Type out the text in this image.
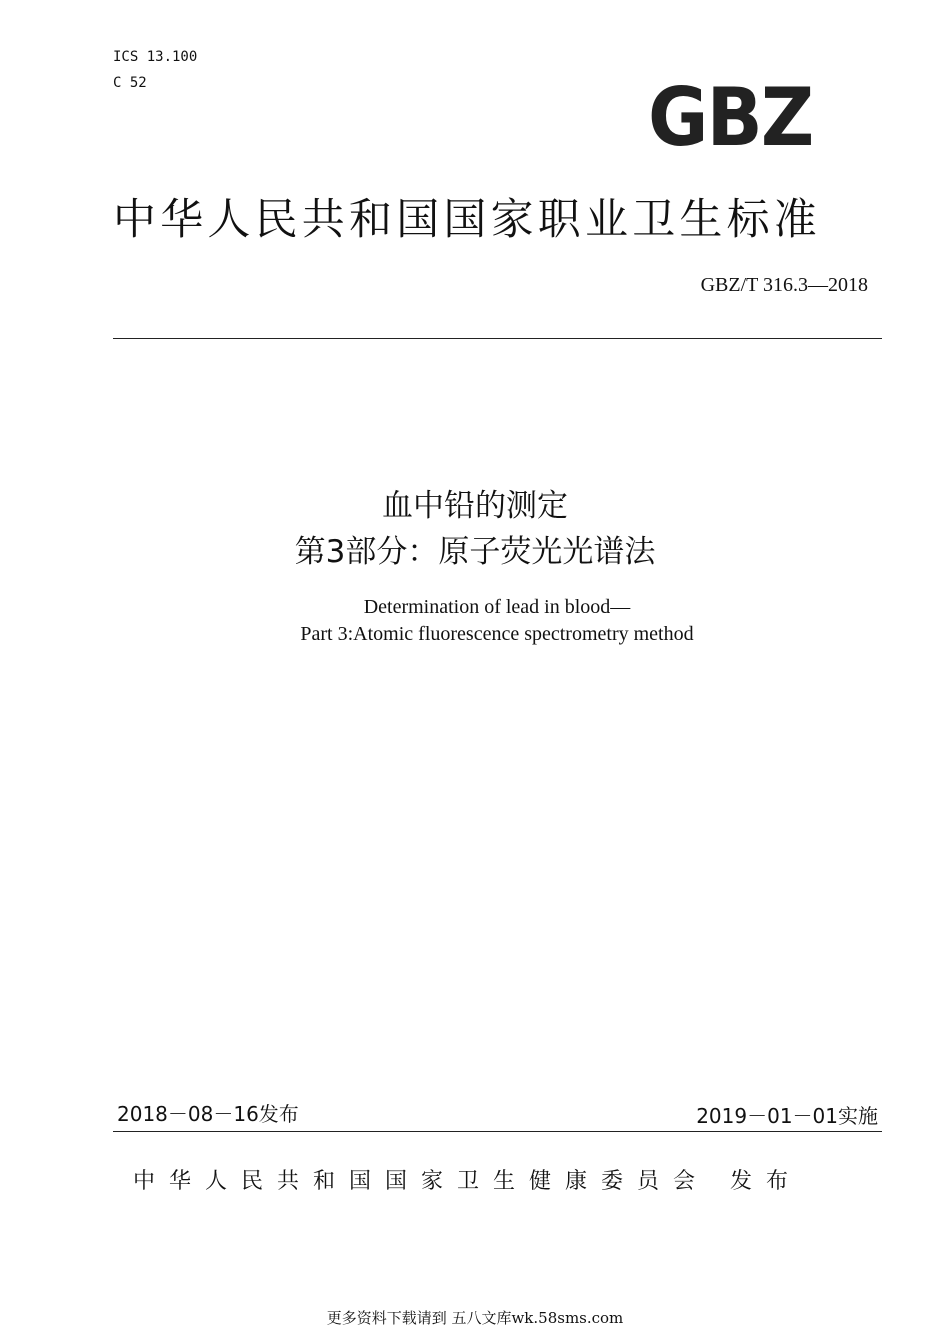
ICS 13.100
C 52	GBZ
中华人民共和国国家职业卫生标准
GBZ/T 316.3—2018
血中铅的测定
第3部分：原子荧光光谱法
Determination of lead in blood—
Part 3:Atomic fluorescence spectrometry method
2018－08－16发布	2019－01－01实施
中华人民共和国国家卫生健康委员会 发布
更多资料下载请到 五八文库wk.58sms.com
